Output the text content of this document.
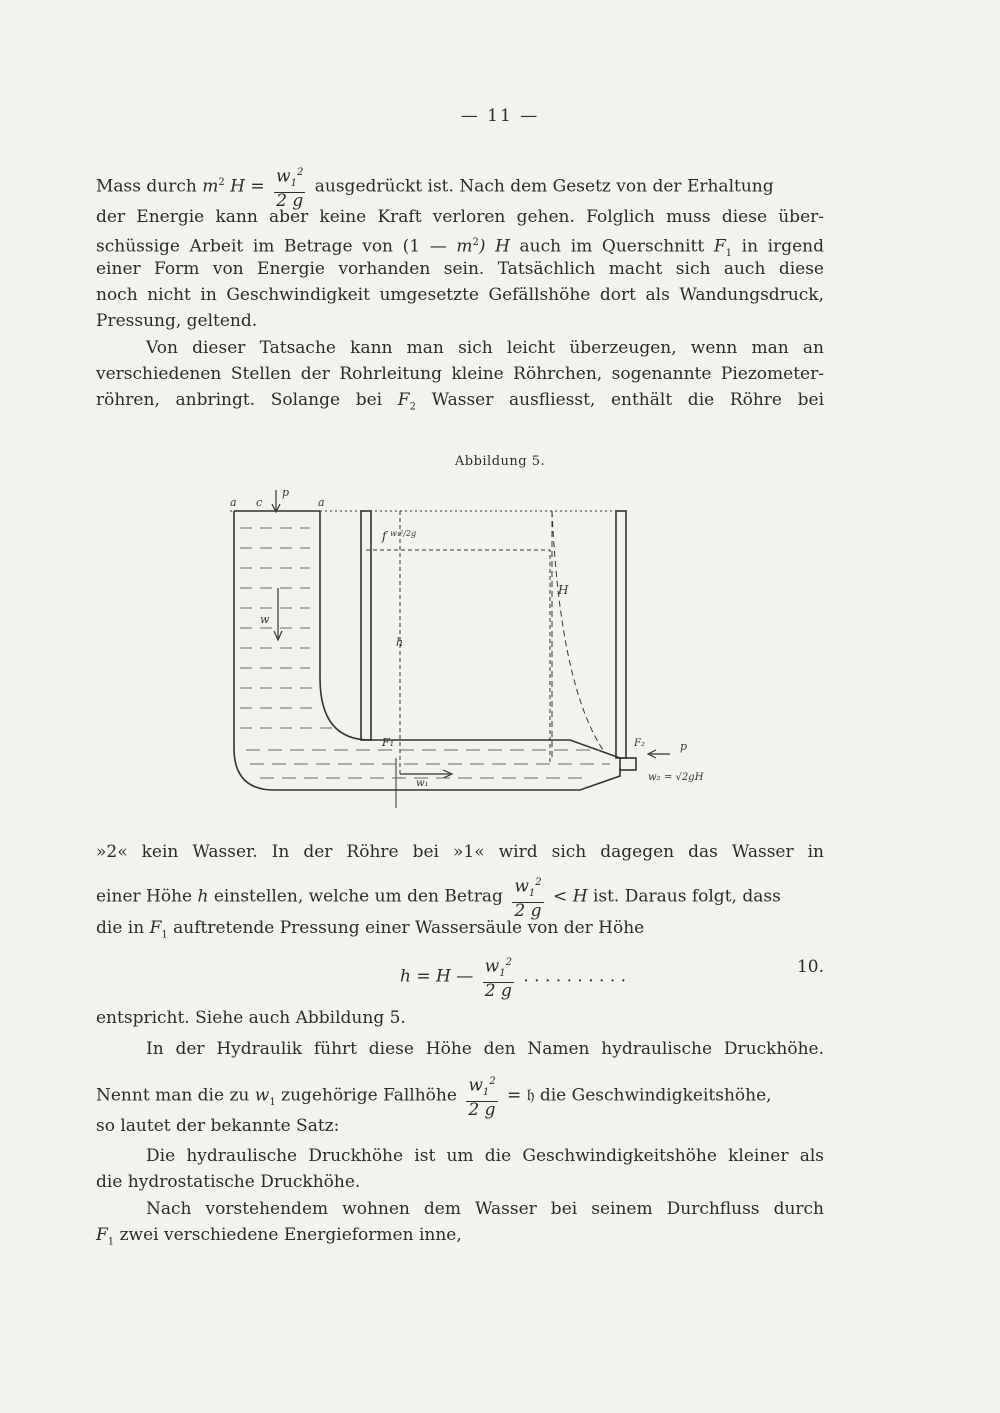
— 11 —
Mass durch $m^2$ $H = \frac{w_1^2}{2 g}$ ausgedrückt ist. Nach dem Gesetz von der Erhaltung
der Energie kann aber keine Kraft verloren gehen. Folglich muss diese über-
schüssige Arbeit im Betrage von (1 — $m^2$) H auch im Querschnitt $F_1$ in irgend
einer Form von Energie vorhanden sein. Tatsächlich macht sich auch diese
noch nicht in Geschwindigkeit umgesetzte Gefällshöhe dort als Wandungsdruck,
Pressung, geltend.
Von dieser Tatsache kann man sich leicht überzeugen, wenn man an
verschiedenen Stellen der Rohrleitung kleine Röhrchen, sogenannte Piezometer-
röhren, anbringt. Solange bei $F_2$ Wasser ausfliesst, enthält die Röhre bei
Abbildung 5.
a c	a
p
w
h
f w₁²/2g
H
F₁
w₁
F₂	p
w₂ = √2gH
»2« kein Wasser. In der Röhre bei »1« wird sich dagegen das Wasser in
einer Höhe h einstellen, welche um den Betrag $\frac{w_1^2}{2 g} < H$ ist. Daraus folgt, dass
die in $F_1$ auftretende Pressung einer Wassersäule von der Höhe
h = H — $\frac{w_1^2}{2 g}$ . . . . . . . . . .	10.
entspricht. Siehe auch Abbildung 5.
In der Hydraulik führt diese Höhe den Namen hydraulische Druckhöhe.
Nennt man die zu $w_1$ zugehörige Fallhöhe $\frac{w_1^2}{2 g}$ = 𝔥 die Geschwindigkeitshöhe,
so lautet der bekannte Satz:
Die hydraulische Druckhöhe ist um die Geschwindigkeitshöhe kleiner als
die hydrostatische Druckhöhe.
Nach vorstehendem wohnen dem Wasser bei seinem Durchfluss durch
$F_1$ zwei verschiedene Energieformen inne,
